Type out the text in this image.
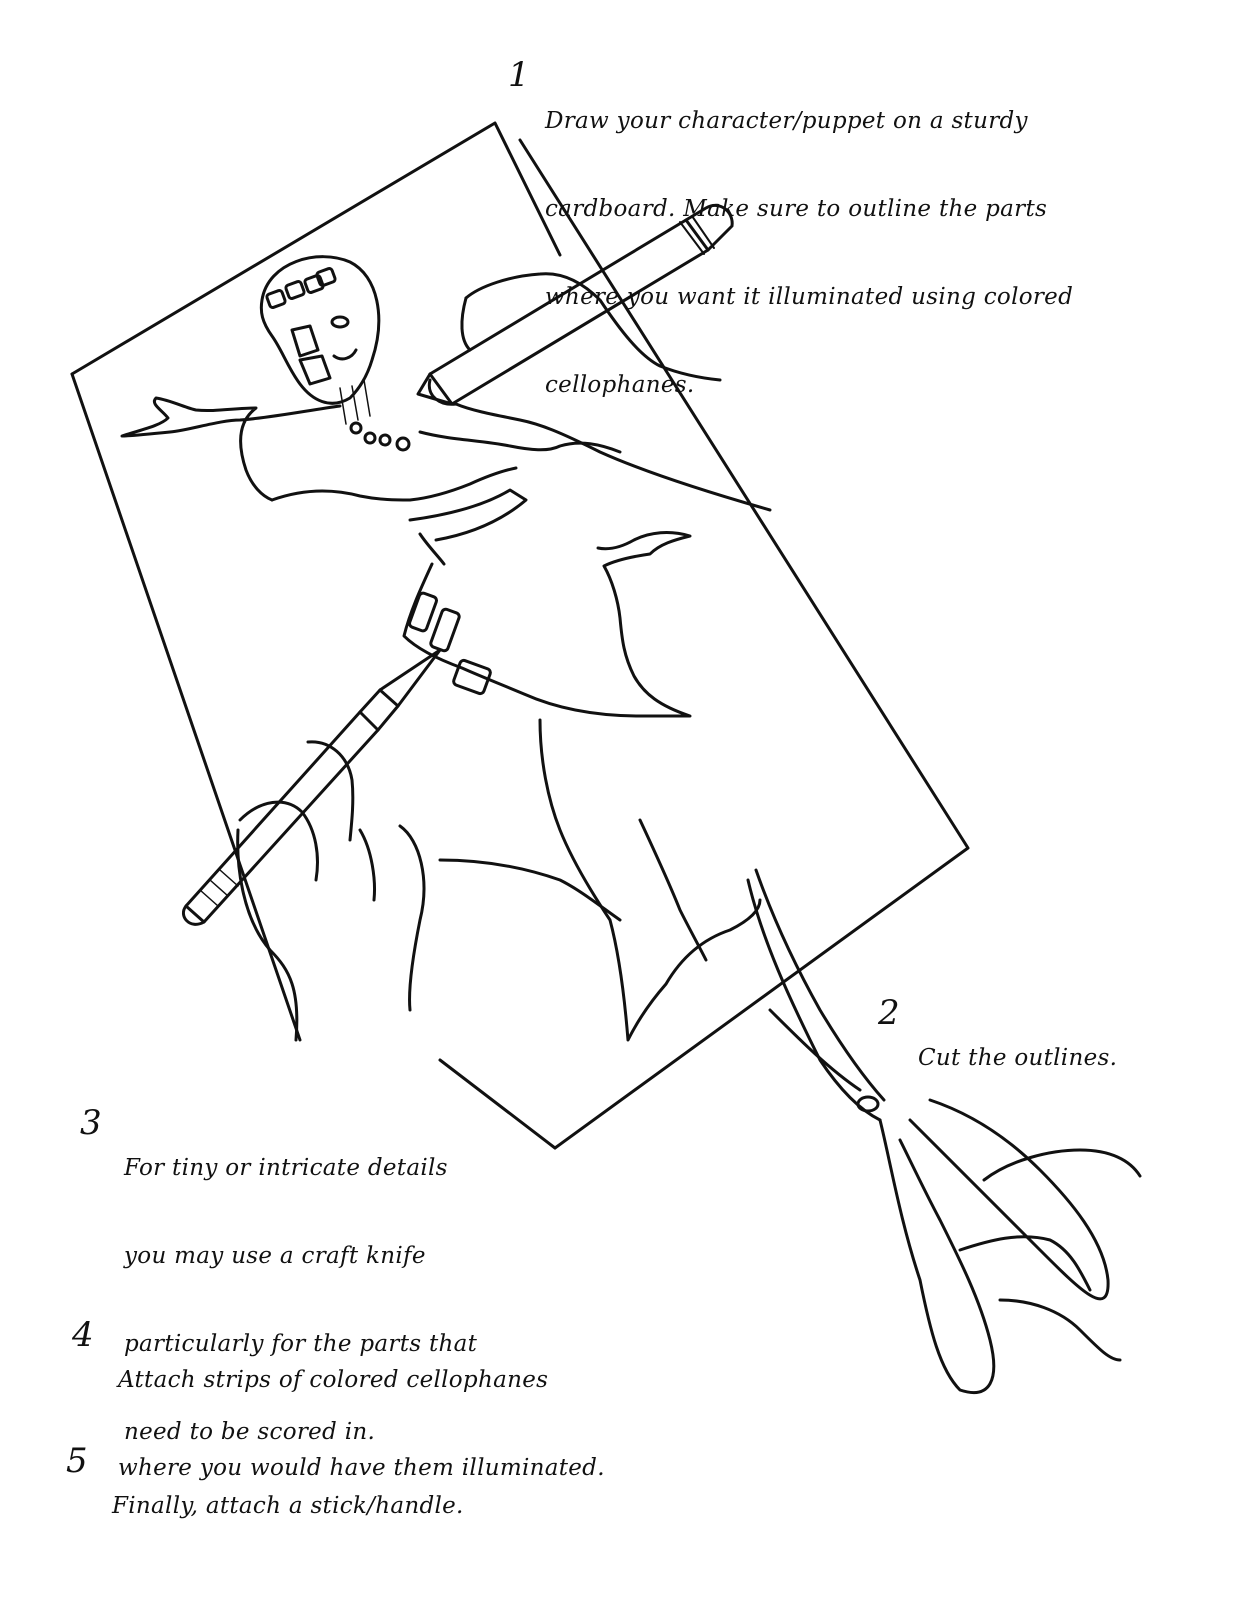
1

Draw your character/puppet on a sturdy

cardboard. Make sure to outline the parts

where you want it illuminated using colored

cellophanes.

2

Cut the outlines.

3

For tiny or intricate details

you may use a craft knife

particularly for the parts that

need to be scored in.

4

Attach strips of colored cellophanes

where you would have them illuminated.

5

Finally, attach a stick/handle.
